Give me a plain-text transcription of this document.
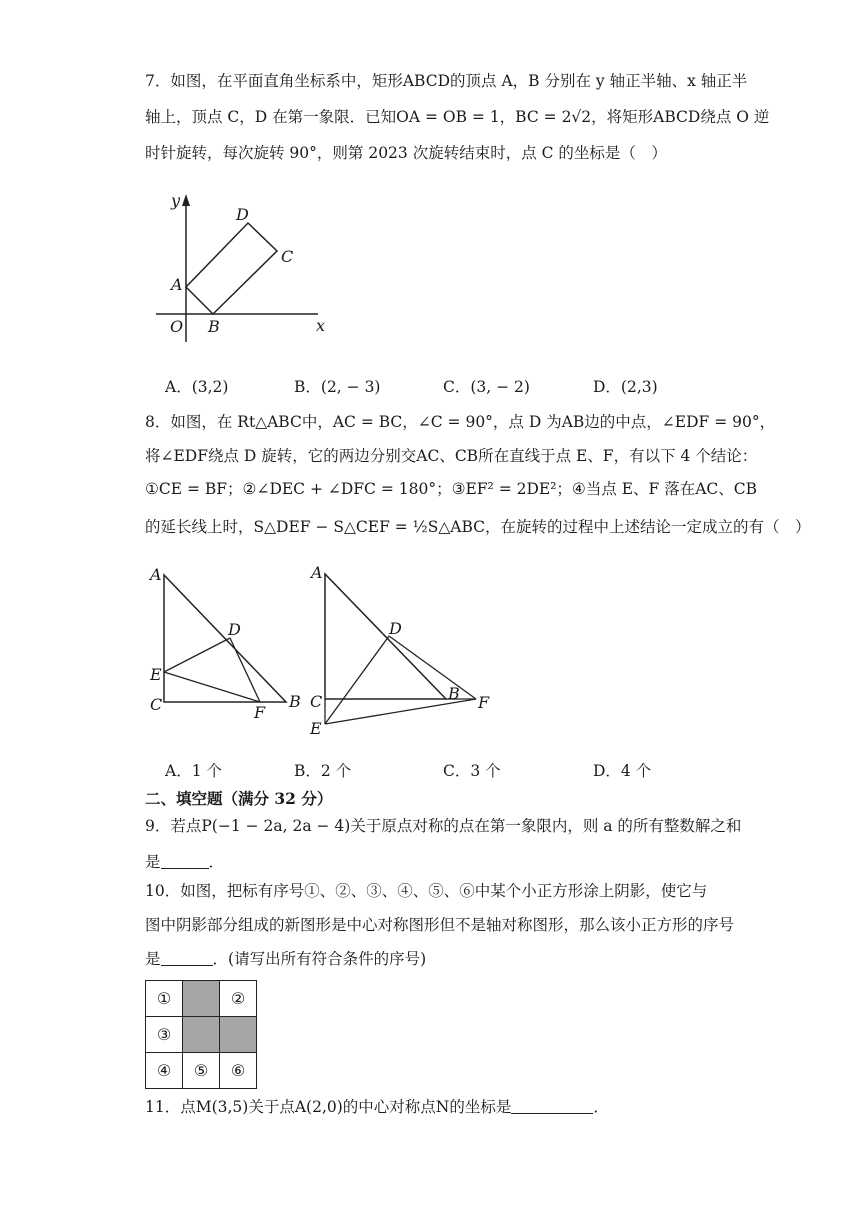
7．如图，在平面直角坐标系中，矩形ABCD的顶点 A，B 分别在 y 轴正半轴、x 轴正半
轴上，顶点 C，D 在第一象限．已知OA = OB = 1，BC = 2√2，将矩形ABCD绕点 O 逆
时针旋转，每次旋转 90°，则第 2023 次旋转结束时，点 C 的坐标是（　）
y
x
O
A
B
C
D
A．(3,2)	B．(2, − 3)	C．(3, − 2)	D．(2,3)
8．如图，在 Rt△ABC中，AC = BC，∠C = 90°，点 D 为AB边的中点，∠EDF = 90°，
将∠EDF绕点 D 旋转，它的两边分别交AC、CB所在直线于点 E、F，有以下 4 个结论：
①CE = BF；②∠DEC + ∠DFC = 180°；③EF² = 2DE²；④当点 E、F 落在AC、CB
的延长线上时，S△DEF − S△CEF = ½S△ABC，在旋转的过程中上述结论一定成立的有（　）
A
B
C
D
E
F
A
B
C
D
E
F
A．1 个	B．2 个	C．3 个	D．4 个
二、填空题（满分 32 分）
9．若点P(−1 − 2a, 2a − 4)关于原点对称的点在第一象限内，则 a 的所有整数解之和
是	．
10．如图，把标有序号①、②、③、④、⑤、⑥中某个小正方形涂上阴影，使它与
图中阴影部分组成的新图形是中心对称图形但不是轴对称图形，那么该小正方形的序号
是	．(请写出所有符合条件的序号)
①		②
③		
④	⑤	⑥
11．点M(3,5)关于点A(2,0)的中心对称点N的坐标是	．
